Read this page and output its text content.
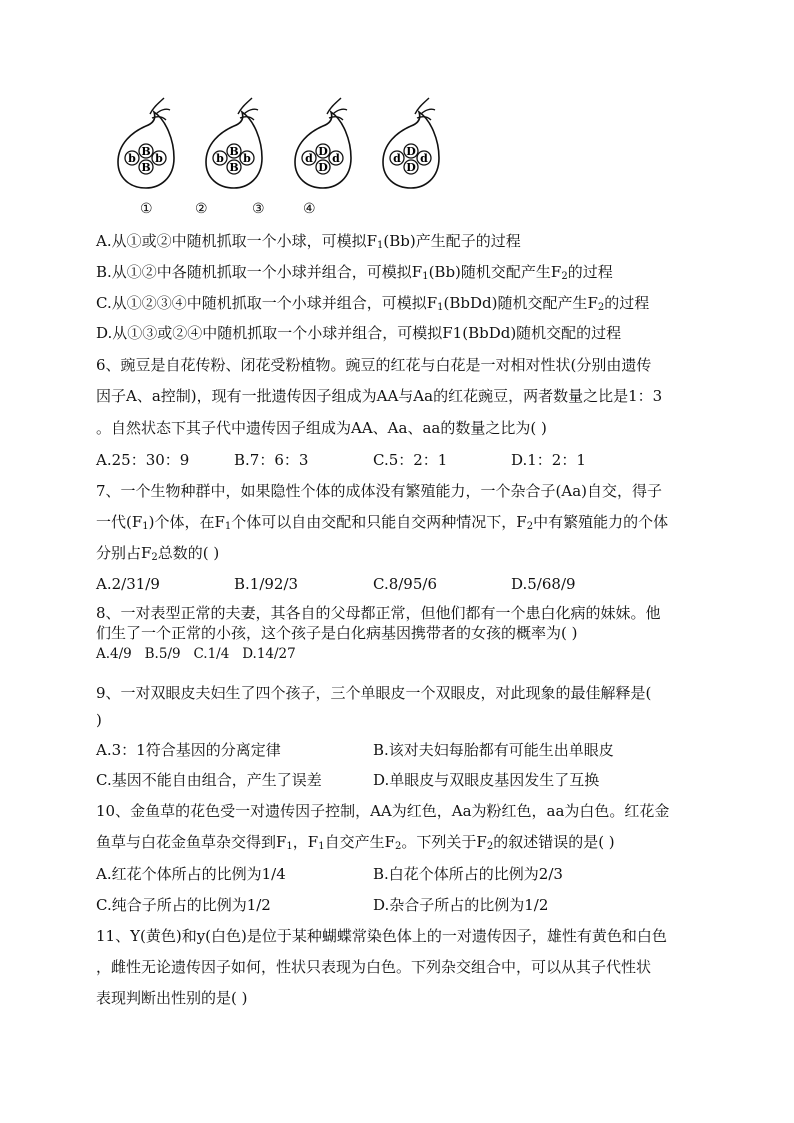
b
B
B
b	b
B
B
b	d
D
D
d	d
D
D
d
①	②	③	④
A.从①或②中随机抓取一个小球，可模拟$F_1(Bb)$产生配子的过程
B.从①②中各随机抓取一个小球并组合，可模拟$F_1(Bb)$随机交配产生$F_2$的过程
C.从①②③④中随机抓取一个小球并组合，可模拟$F_1(BbDd)$随机交配产生$F_2$的过程
D.从①③或②④中随机抓取一个小球并组合，可模拟F1(BbDd)随机交配的过程
6、豌豆是自花传粉、闭花受粉植物。豌豆的红花与白花是一对相对性状(分别由遗传
因子A、a控制)，现有一批遗传因子组成为AA与Aa的红花豌豆，两者数量之比是1：3
。自然状态下其子代中遗传因子组成为AA、Aa、aa的数量之比为( )
A.25：30：9	B.7：6：3	C.5：2：1	D.1：2：1
7、一个生物种群中，如果隐性个体的成体没有繁殖能力，一个杂合子(Aa)自交，得子
一代$(F_1)$个体，在$F_1$个体可以自由交配和只能自交两种情况下，$F_2$中有繁殖能力的个体
分别占$F_2$总数的( )
A.2/31/9	B.1/92/3	C.8/95/6	D.5/68/9
8、一对表型正常的夫妻，其各自的父母都正常，但他们都有一个患白化病的妹妹。他
们生了一个正常的小孩，这个孩子是白化病基因携带者的女孩的概率为( )
A.4/9   B.5/9   C.1/4   D.14/27
9、一对双眼皮夫妇生了四个孩子，三个单眼皮一个双眼皮，对此现象的最佳解释是(
)
A.3：1符合基因的分离定律	B.该对夫妇每胎都有可能生出单眼皮
C.基因不能自由组合，产生了误差	D.单眼皮与双眼皮基因发生了互换
10、金鱼草的花色受一对遗传因子控制，AA为红色，Aa为粉红色，aa为白色。红花金
鱼草与白花金鱼草杂交得到$F_1$，$F_1$自交产生$F_2$。下列关于$F_2$的叙述错误的是( )
A.红花个体所占的比例为1/4	B.白花个体所占的比例为2/3
C.纯合子所占的比例为1/2	D.杂合子所占的比例为1/2
11、Y(黄色)和y(白色)是位于某种蝴蝶常染色体上的一对遗传因子，雄性有黄色和白色
，雌性无论遗传因子如何，性状只表现为白色。下列杂交组合中，可以从其子代性状
表现判断出性别的是( )
